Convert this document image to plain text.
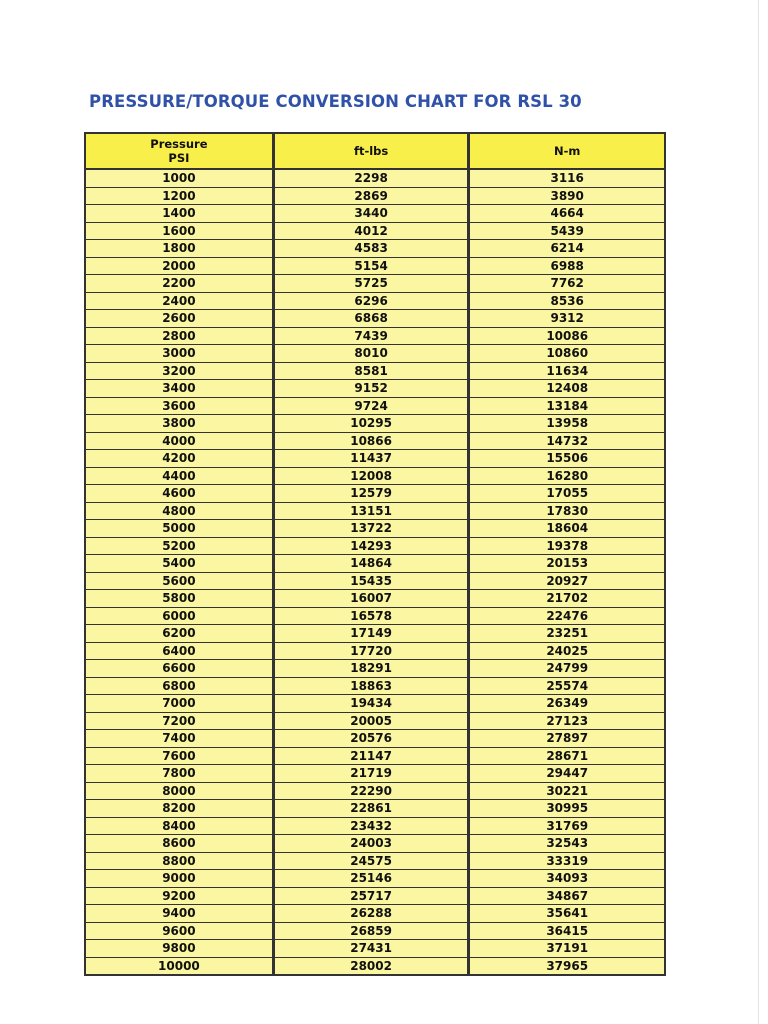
PRESSURE/TORQUE CONVERSION CHART FOR RSL 30
Pressure
PSI	ft-lbs	N-m
1000	2298	3116
1200	2869	3890
1400	3440	4664
1600	4012	5439
1800	4583	6214
2000	5154	6988
2200	5725	7762
2400	6296	8536
2600	6868	9312
2800	7439	10086
3000	8010	10860
3200	8581	11634
3400	9152	12408
3600	9724	13184
3800	10295	13958
4000	10866	14732
4200	11437	15506
4400	12008	16280
4600	12579	17055
4800	13151	17830
5000	13722	18604
5200	14293	19378
5400	14864	20153
5600	15435	20927
5800	16007	21702
6000	16578	22476
6200	17149	23251
6400	17720	24025
6600	18291	24799
6800	18863	25574
7000	19434	26349
7200	20005	27123
7400	20576	27897
7600	21147	28671
7800	21719	29447
8000	22290	30221
8200	22861	30995
8400	23432	31769
8600	24003	32543
8800	24575	33319
9000	25146	34093
9200	25717	34867
9400	26288	35641
9600	26859	36415
9800	27431	37191
10000	28002	37965
